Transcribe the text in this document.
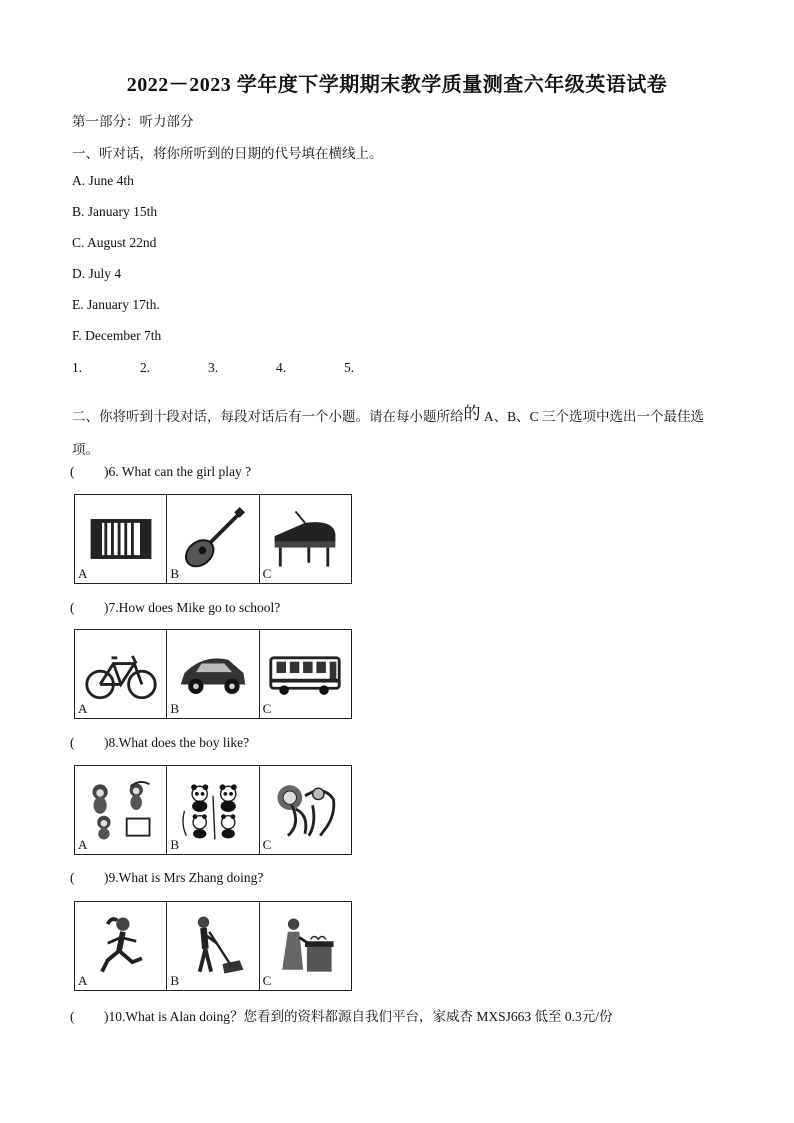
2022－2023 学年度下学期期末教学质量测查六年级英语试卷
第一部分：听力部分
一、听对话，将你所听到的日期的代号填在横线上。
A. June 4th
B. January 15th
C. August 22nd
D. July 4
E. January 17th.
F. December 7th
1.	2.	3.	4.	5.
二、你将听到十段对话，每段对话后有一个小题。请在每小题所给的 A、B、C 三个选项中选出一个最佳选项。
( )6. What can the girl play ?
A	B	C
( )7.How does Mike go to school?
A	B	C
( )8.What does the boy like?
A	B	C
( )9.What is Mrs Zhang doing?
A	B	C
( )10.What is Alan doing？您看到的资料都源自我们平台，家威杏 MXSJ663 低至 0.3元/份
